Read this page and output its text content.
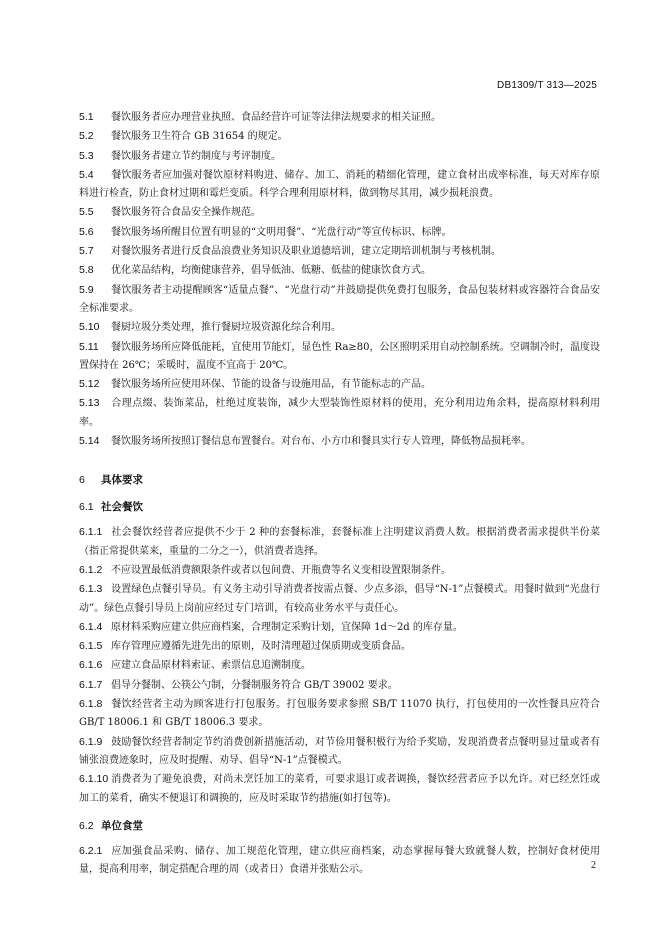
DB1309/T 313—2025

5.1 餐饮服务者应办理营业执照、食品经营许可证等法律法规要求的相关证照。

5.2 餐饮服务卫生符合 GB 31654 的规定。

5.3 餐饮服务者建立节约制度与考评制度。

5.4 餐饮服务者应加强对餐饮原材料购进、储存、加工、消耗的精细化管理，建立食材出成率标准，每天对库存原料进行检查，防止食材过期和霉烂变质。科学合理利用原材料，做到物尽其用，减少损耗浪费。

5.5 餐饮服务符合食品安全操作规范。

5.6 餐饮服务场所醒目位置有明显的“文明用餐”、“光盘行动”等宣传标识、标牌。

5.7 对餐饮服务者进行反食品浪费业务知识及职业道德培训，建立定期培训机制与考核机制。

5.8 优化菜品结构，均衡健康营养，倡导低油、低糖、低盐的健康饮食方式。

5.9 餐饮服务者主动提醒顾客“适量点餐”、“光盘行动”并鼓励提供免费打包服务，食品包装材料或容器符合食品安全标准要求。

5.10 餐厨垃圾分类处理，推行餐厨垃圾资源化综合利用。

5.11 餐饮服务场所应降低能耗，宜使用节能灯，显色性 Ra≥80，公区照明采用自动控制系统。空调制冷时，温度设置保持在 26℃；采暖时，温度不宜高于 20℃。

5.12 餐饮服务场所应使用环保、节能的设备与设施用品，有节能标志的产品。

5.13 合理点缀、装饰菜品，杜绝过度装饰，减少大型装饰性原材料的使用，充分利用边角余料，提高原材料利用率。

5.14 餐饮服务场所按照订餐信息布置餐台。对台布、小方巾和餐具实行专人管理，降低物品损耗率。

6 具体要求
6.1 社会餐饮

6.1.1 社会餐饮经营者应提供不少于 2 种的套餐标准，套餐标准上注明建议消费人数。根据消费者需求提供半份菜（指正常提供菜来，重量的二分之一），供消费者选择。

6.1.2 不应设置最低消费额限条件或者以包间费、开瓶费等名义变相设置限制条件。

6.1.3 设置绿色点餐引导员。有义务主动引导消费者按需点餐、少点多添，倡导“N-1”点餐模式。用餐时做到“光盘行动”。绿色点餐引导员上岗前应经过专门培训，有较高业务水平与责任心。

6.1.4 原材料采购应建立供应商档案，合理制定采购计划，宜保障 1d～2d 的库存量。

6.1.5 库存管理应遵循先进先出的原则，及时清理超过保质期或变质食品。

6.1.6 应建立食品原材料索证、索票信息追溯制度。

6.1.7 倡导分餐制、公筷公勺制，分餐制服务符合 GB/T 39002 要求。

6.1.8 餐饮经营者主动为顾客进行打包服务。打包服务要求参照 SB/T 11070 执行，打包使用的一次性餐具应符合 GB/T 18006.1 和 GB/T 18006.3 要求。

6.1.9 鼓励餐饮经营者制定节约消费创新措施活动，对节俭用餐积极行为给予奖励，发现消费者点餐明显过量或者有铺张浪费迹象时，应及时提醒、劝导、倡导“N-1”点餐模式。

6.1.10 消费者为了避免浪费，对尚未烹饪加工的菜肴，可要求退订或者调换，餐饮经营者应予以允许。对已经烹饪或加工的菜肴，确实不便退订和调换的，应及时采取节约措施(如打包等)。

6.2 单位食堂

6.2.1 应加强食品采购、储存、加工规范化管理，建立供应商档案，动态掌握每餐大致就餐人数，控制好食材使用量，提高利用率，制定搭配合理的周（或者日）食谱并张贴公示。	2
